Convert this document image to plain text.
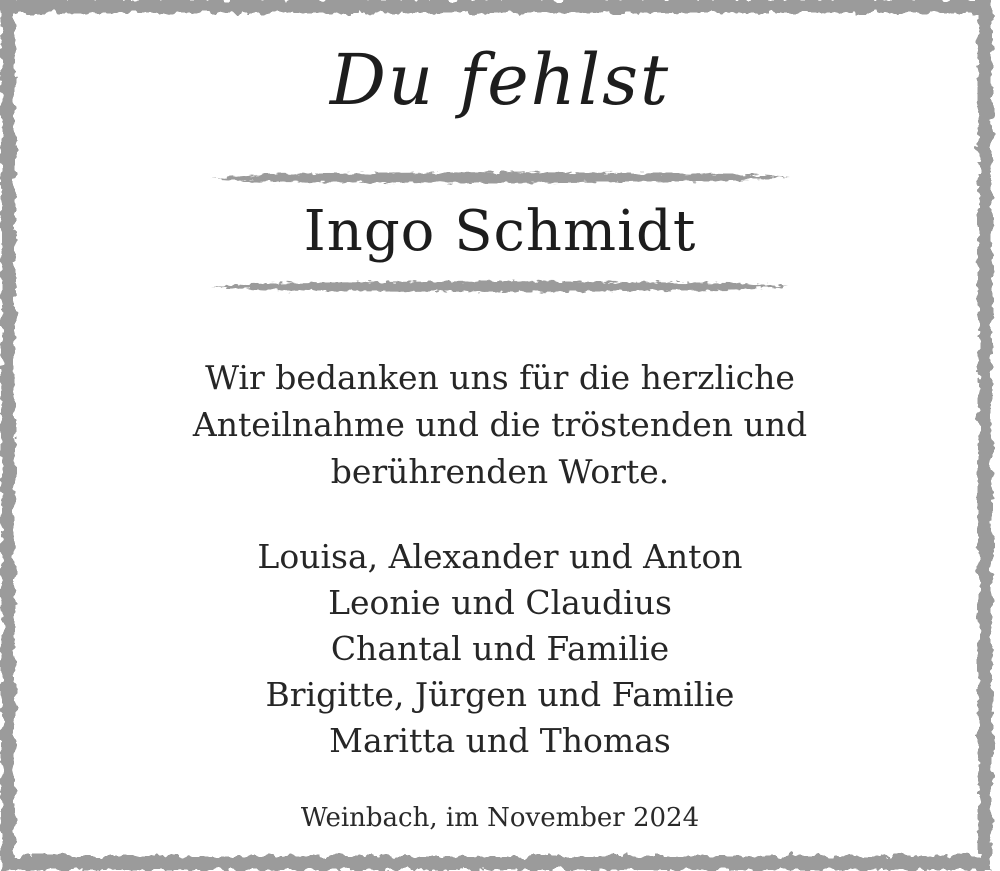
Du fehlst
Ingo Schmidt
Wir bedanken uns für die herzliche
Anteilnahme und die tröstenden und
berührenden Worte.
Louisa, Alexander und Anton
Leonie und Claudius
Chantal und Familie
Brigitte, Jürgen und Familie
Maritta und Thomas
Weinbach, im November 2024
